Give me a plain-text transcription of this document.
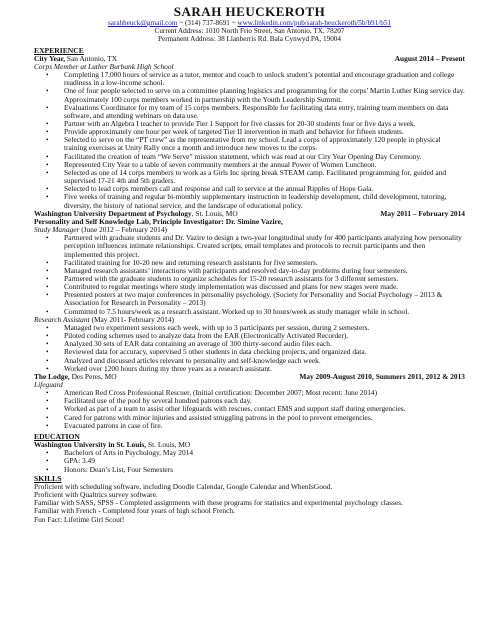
SARAH HEUCKEROTH
sarahheuck@gmail.com ~ (314) 737-8691 ~ www.linkedin.com/pub/sarah-heuckeroth/5b/b91/b51
Current Address: 1010 North Frio Street, San Antonio, TX, 78207
Permanent Address: 38 Llanberris Rd. Bala Cynwyd PA, 19004
EXPERIENCE
City Year, San Antonio, TX	August 2014 – Present
Corps Member at Luther Burbank High School
• Completing 17,000 hours of service as a tutor, mentor and coach to unlock student’s potential and encourage graduation and college readiness in a low-income school.
• One of four people selected to serve on a committee planning logistics and programming for the corps’ Martin Luther King service day. Approximately 100 corps members worked in partnership with the Youth Leadership Summit.
• Evaluations Coordinator for my team of 15 corps members. Responsible for facilitating data entry, training team members on data software, and attending webinars on data use.
• Partner with an Algebra I teacher to provide Tier 1 Support for five classes for 20-30 students four or five days a week.
• Provide approximately one hour per week of targeted Tier II intervention in math and behavior for fifteen students.
• Selected to serve on the “PT crew” as the representative from my school. Lead a corps of approximately 120 people in physical training exercises at Unity Rally once a month and introduce new moves to the corps.
• Facilitated the creation of team “We Serve” mission statement, which was read at our City Year Opening Day Ceremony.
• Represented City Year to a table of seven community members at the annual Power of Women Luncheon.
• Selected as one of 14 corps members to work as a Girls Inc spring break STEAM camp. Facilitated programming for, guided and supervised 17-21 4th and 5th graders.
• Selected to lead corps members call and response and call to service at the annual Ripples of Hope Gala.
• Five weeks of training and regular bi-monthly supplementary instruction in leadership development, child development, tutoring, diversity, the history of national service, and the landscape of educational policy.
Washington University Department of Psychology, St. Louis, MO	May 2011 – February 2014
Personality and Self Knowledge Lab, Principle Investigator: Dr. Simine Vazire,
Study Manager (June 2012 – February 2014)
• Partnered with graduate students and Dr. Vazire to design a two-year longitudinal study for 400 participants analyzing how personality perception influences intimate relationships. Created scripts, email templates and protocols to recruit participants and then implemented this project.
• Facilitated training for 10-20 new and returning research assistants for five semesters.
• Managed research assistants’ interactions with participants and resolved day-to-day problems during four semesters.
• Partnered with the graduate students to organize schedules for 15-20 research assistants for 3 different semesters.
• Contributed to regular meetings where study implementation was discussed and plans for new stages were made.
• Presented posters at two major conferences in personality psychology. (Society for Personality and Social Psychology – 2013 & Association for Research in Personality – 2013)
• Committed to 7.5 hours/week as a research assistant. Worked up to 30 hours/week as study manager while in school.
Research Assistant (May 2011- February 2014)
• Managed two experiment sessions each week, with up to 3 participants per session, during 2 semesters.
• Piloted coding schemes used to analyze data from the EAR (Electronically Activated Recorder).
• Analyzed 30 sets of EAR data containing an average of 300 thirty-second audio files each.
• Reviewed data for accuracy, supervised 5 other students in data checking projects, and organized data.
• Analyzed and discussed articles relevant to personality and self-knowledge each week.
• Worked over 1200 hours during my three years as a research assistant.
The Lodge, Des Peres, MO	May 2009-August 2010, Summers 2011, 2012 & 2013
Lifeguard
• American Red Cross Professional Rescuer, (Initial certification: December 2007; Most recent: June 2014)
• Facilitated use of the pool by several hundred patrons each day.
• Worked as part of a team to assist other lifeguards with rescues, contact EMS and support staff during emergencies.
• Cared for patrons with minor injuries and assisted struggling patrons in the pool to prevent emergencies.
• Evacuated patrons in case of fire.
EDUCATION
Washington University in St. Louis, St. Louis, MO
• Bachelors of Arts in Psychology, May 2014
• GPA: 3.49
• Honors: Dean’s List, Four Semesters
SKILLS
Proficient with scheduling software, including Doodle Calendar, Google Calendar and WhenIsGood.
Proficient with Qualtrics survey software.
Familiar with SASS, SPSS - Completed assignments with these programs for statistics and experimental psychology classes.
Familiar with French - Completed four years of high school French.
Fun Fact: Lifetime Girl Scout!
